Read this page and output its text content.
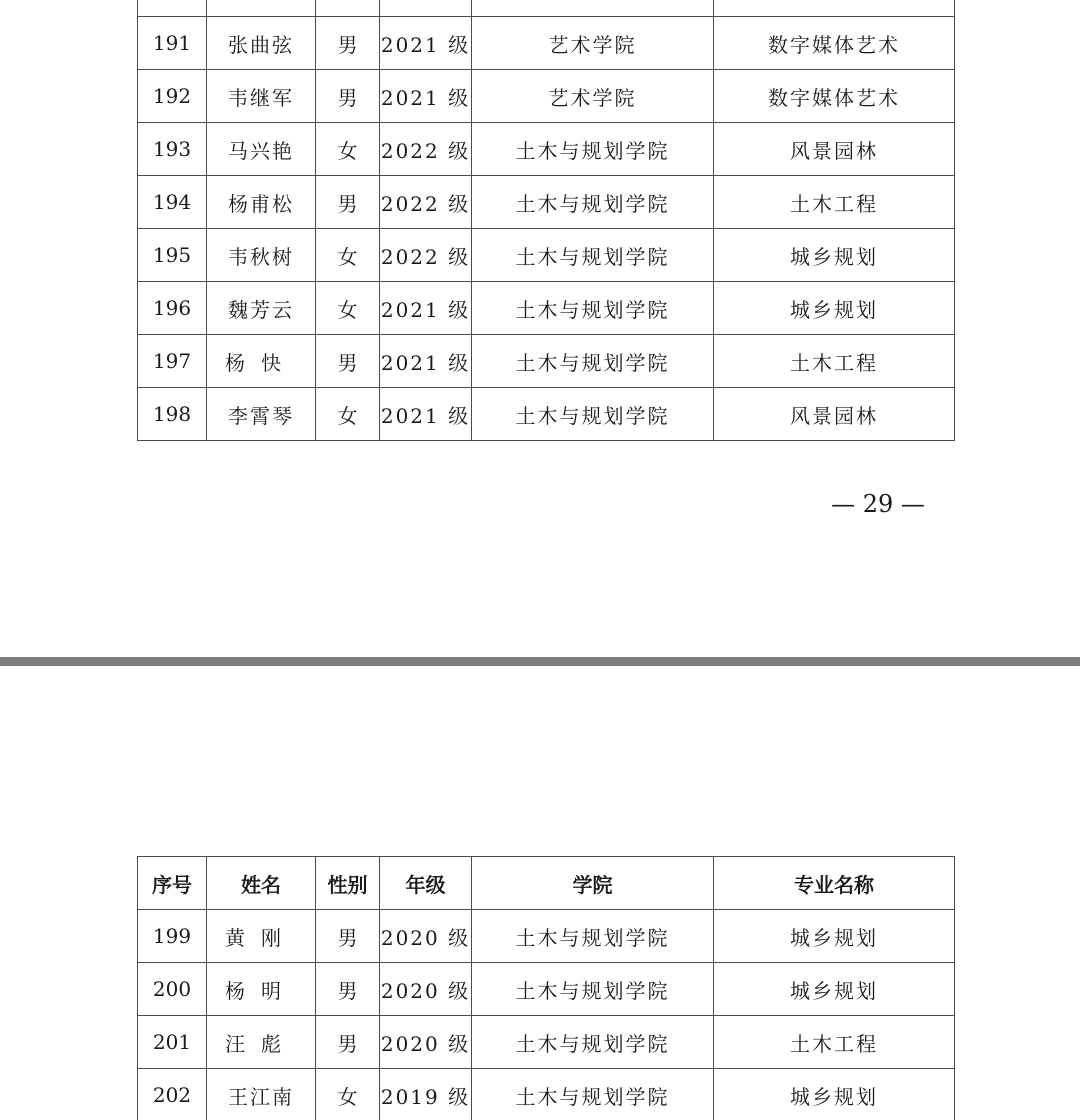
191	张曲弦	男	2021 级	艺术学院	数字媒体艺术
192	韦继军	男	2021 级	艺术学院	数字媒体艺术
193	马兴艳	女	2022 级	土木与规划学院	风景园林
194	杨甫松	男	2022 级	土木与规划学院	土木工程
195	韦秋树	女	2022 级	土木与规划学院	城乡规划
196	魏芳云	女	2021 级	土木与规划学院	城乡规划
197	杨快	男	2021 级	土木与规划学院	土木工程
198	李霄琴	女	2021 级	土木与规划学院	风景园林
— 29 —
序号	姓名	性别	年级	学院	专业名称
199	黄刚	男	2020 级	土木与规划学院	城乡规划
200	杨明	男	2020 级	土木与规划学院	城乡规划
201	汪彪	男	2020 级	土木与规划学院	土木工程
202	王江南	女	2019 级	土木与规划学院	城乡规划
